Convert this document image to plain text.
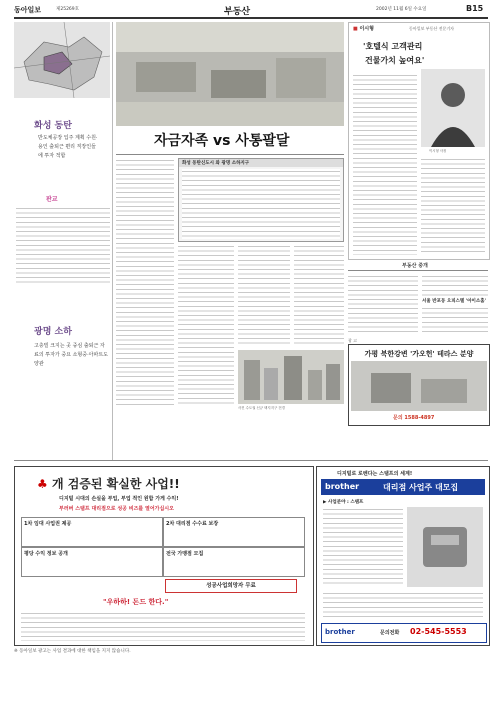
동아일보	제25269호	부동산	2002년 11월 6일 수요일	B15
화성 동탄
반도체공장 입주 계획 수원·용인 출퇴근 편리 직장인들에 투자 적합
판교
광명 소하
고층빌 크지는 곳 중심 출퇴근 자료의 투자가 중요 소형중·아파트도 양관
자금자족 vs 사통팔달
화성 동탄신도시 와 광명 소하지구
사진 수도권 신규 택지지구 전경
■ 이시형	동아일보 부동산 전문기자
'호텔식 고객관리
건물가치 높여요'
이시형 사장
부동산 중개
서울 반포동 오피스텔 '아이소홈'
광 고
가평 북한강변 '가오헌' 테라스 분양
문의 1588-4897
♣ 개 검증된 확실한 사업!!
디지털 시대의 손실을 부업, 부업 적인 원합 가게 수익!
부러버 스탬프 대리점으로 성공 비즈를 열어가십시오
1차 임대 사업권 제공	2차 대리점 수수료 보장
평당 수익 정보 공개	전국 가맹점 모집
성공사업희망자 무료
"우하하! 돈드 한다."
디지털로 로벤다는 스탬프의 세계!
brother	대리점 사업주 대모집
▶ 사업분야 : 스탬프
brother	문의전화 02-545-5553
※ 동아일보 광고는 사업 결과에 대한 책임을 지지 않습니다.
